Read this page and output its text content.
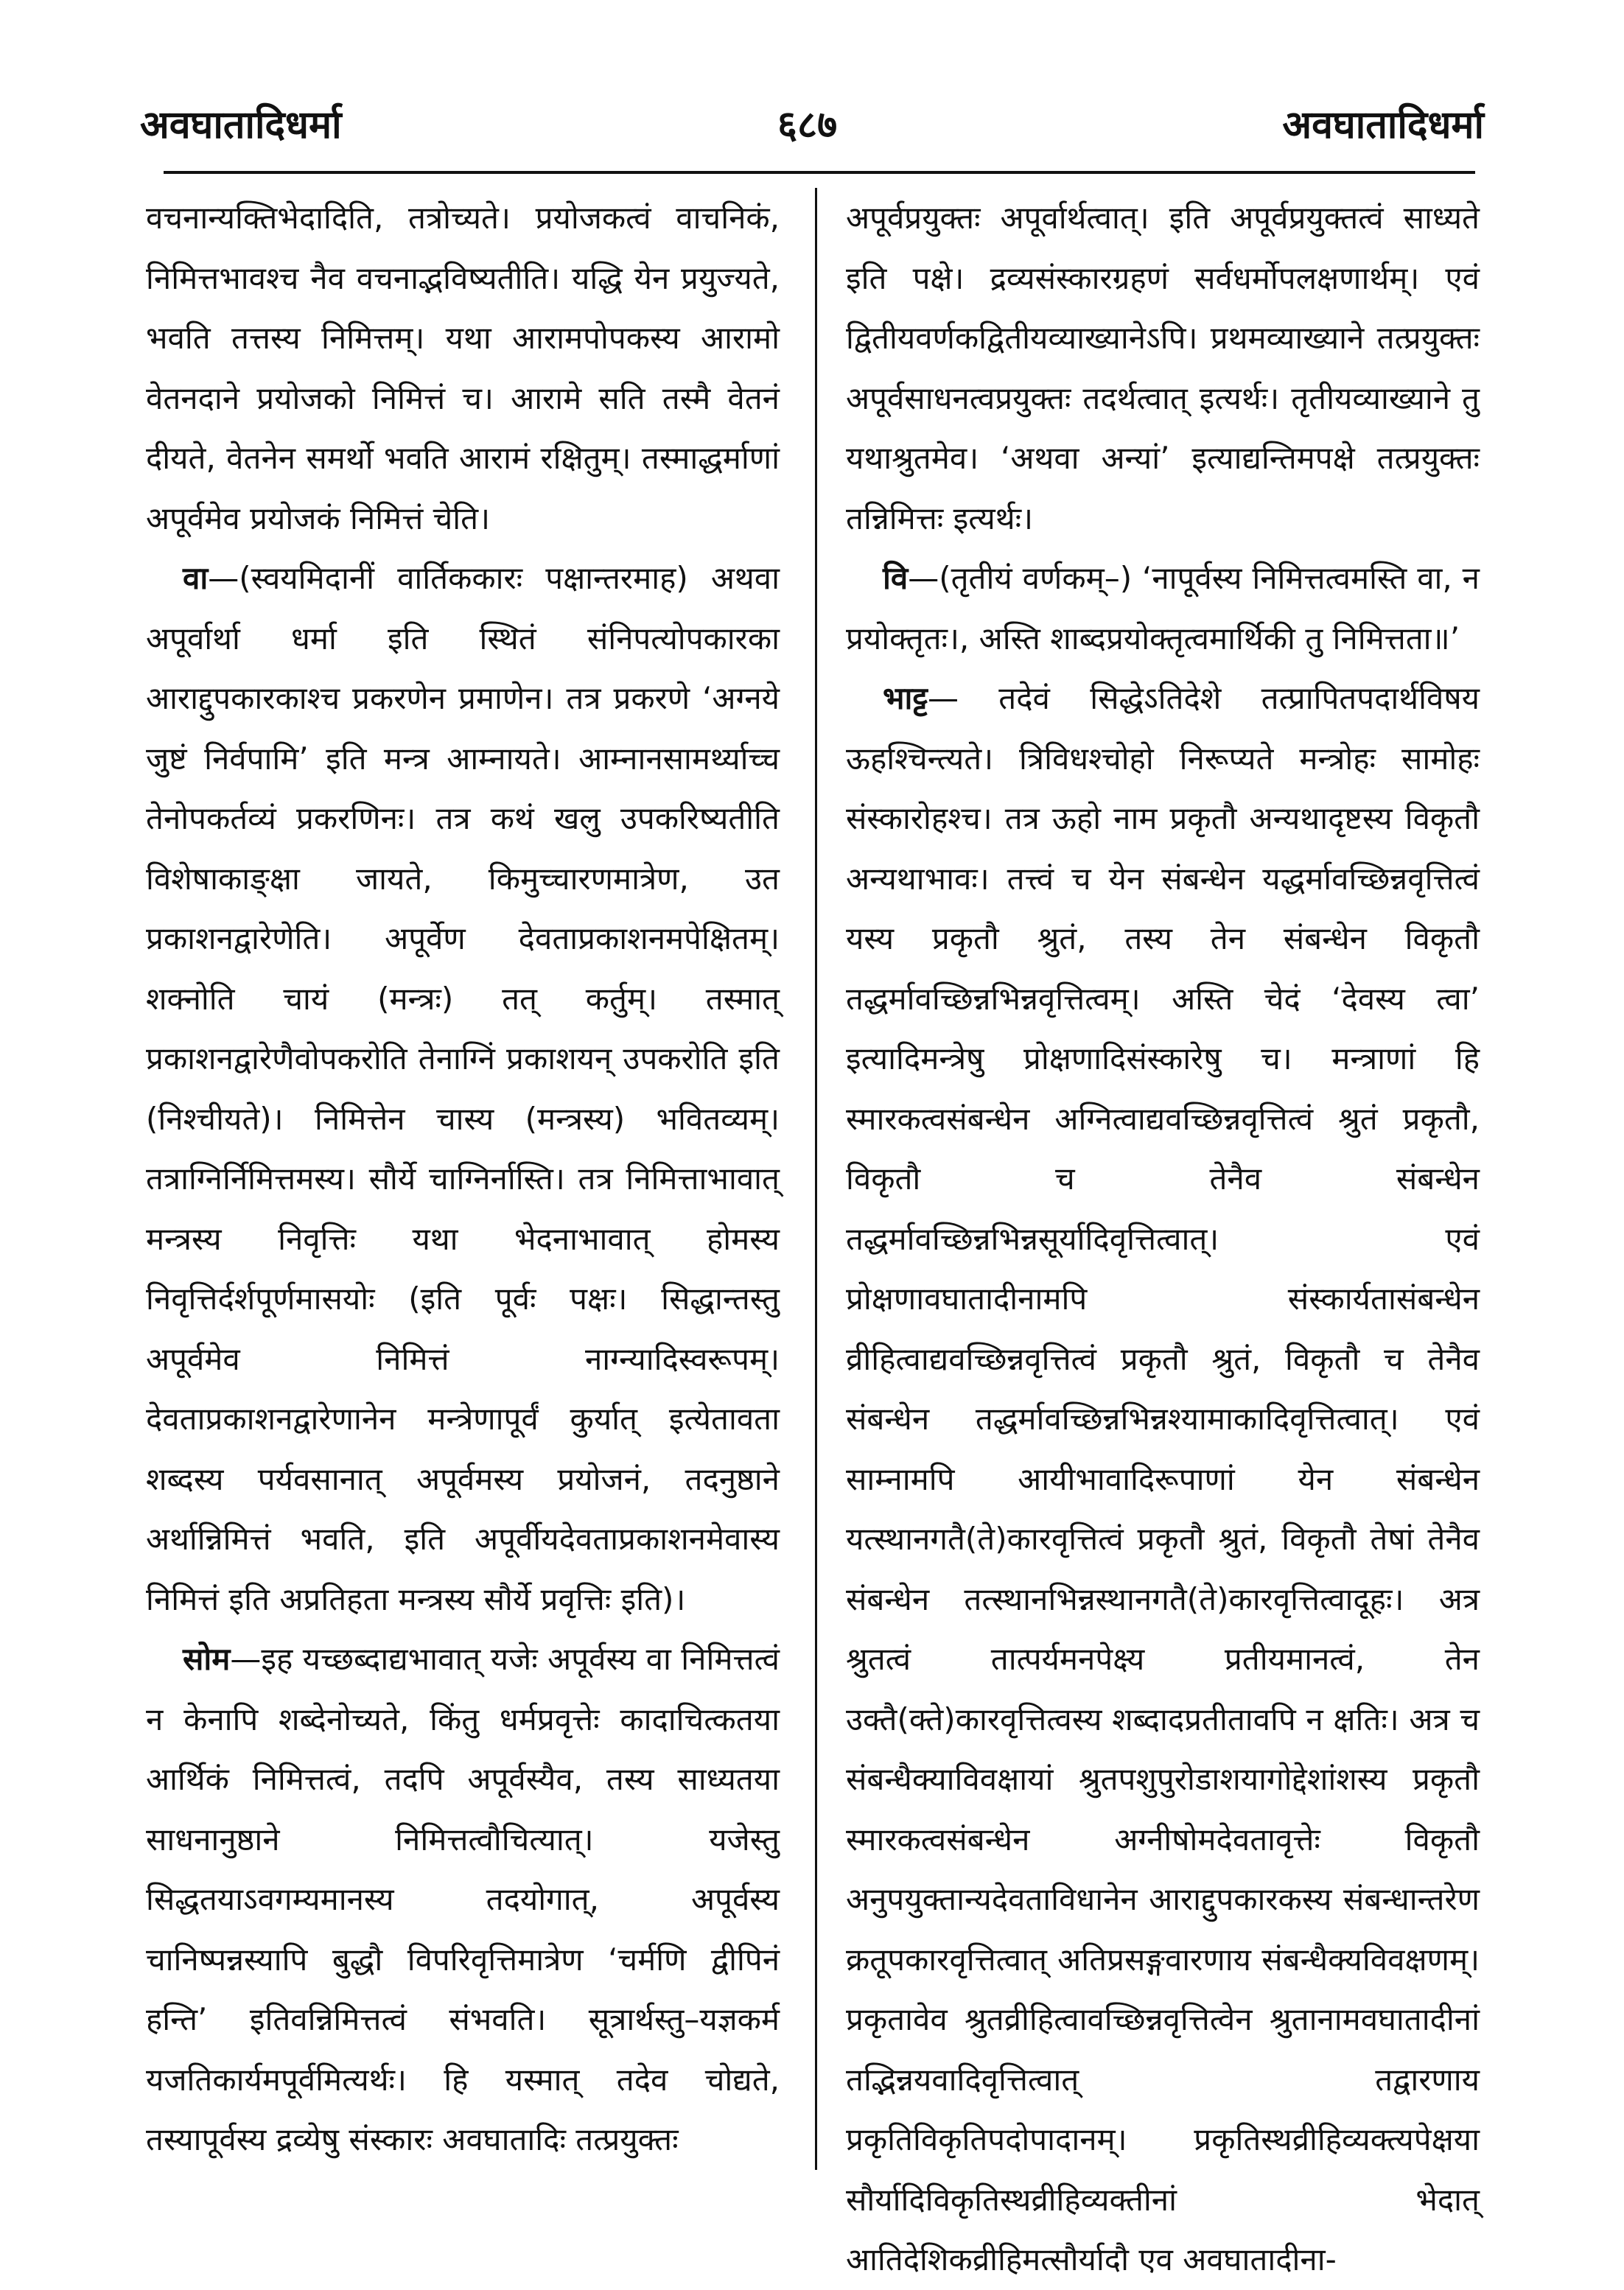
अवघातादिधर्मा	६८७	अवघातादिधर्मा

वचनान्यक्तिभेदादिति, तत्रोच्यते। प्रयोजकत्वं वाचनिकं, निमित्तभावश्च नैव वचनाद्भविष्यतीति। यद्धि येन प्रयुज्यते, भवति तत्तस्य निमित्तम्। यथा आरामपोपकस्य आरामो वेतनदाने प्रयोजको निमित्तं च। आरामे सति तस्मै वेतनं दीयते, वेतनेन समर्थो भवति आरामं रक्षितुम्। तस्माद्धर्माणां अपूर्वमेव प्रयोजकं निमित्तं चेति।

वा—(स्वयमिदानीं वार्तिककारः पक्षान्तरमाह) अथवा अपूर्वार्था धर्मा इति स्थितं संनिपत्योपकारका आराद्दुपकारकाश्च प्रकरणेन प्रमाणेन। तत्र प्रकरणे ‘अग्नये जुष्टं निर्वपामि’ इति मन्त्र आम्नायते। आम्नानसामर्थ्याच्च तेनोपकर्तव्यं प्रकरणिनः। तत्र कथं खलु उपकरिष्यतीति विशेषाकाङ्क्षा जायते, किमुच्चारणमात्रेण, उत प्रकाशनद्वारेणेति। अपूर्वेण देवताप्रकाशनमपेक्षितम्। शक्नोति चायं (मन्त्रः) तत् कर्तुम्। तस्मात् प्रकाशनद्वारेणैवोपकरोति तेनाग्निं प्रकाशयन् उपकरोति इति (निश्चीयते)। निमित्तेन चास्य (मन्त्रस्य) भवितव्यम्। तत्राग्निर्निमित्तमस्य। सौर्ये चाग्निर्नास्ति। तत्र निमित्ताभावात् मन्त्रस्य निवृत्तिः यथा भेदनाभावात् होमस्य निवृत्तिर्दर्शपूर्णमासयोः (इति पूर्वः पक्षः। सिद्धान्तस्तु अपूर्वमेव निमित्तं नाग्न्यादिस्वरूपम्। देवताप्रकाशनद्वारेणानेन मन्त्रेणापूर्वं कुर्यात् इत्येतावता शब्दस्य पर्यवसानात् अपूर्वमस्य प्रयोजनं, तदनुष्ठाने अर्थान्निमित्तं भवति, इति अपूर्वीयदेवताप्रकाशनमेवास्य निमित्तं इति अप्रतिहता मन्त्रस्य सौर्ये प्रवृत्तिः इति)।

सोम—इह यच्छब्दाद्यभावात् यजेः अपूर्वस्य वा निमित्तत्वं न केनापि शब्देनोच्यते, किंतु धर्मप्रवृत्तेः कादाचित्कतया आर्थिकं निमित्तत्वं, तदपि अपूर्वस्यैव, तस्य साध्यतया साधनानुष्ठाने निमित्तत्वौचित्यात्। यजेस्तु सिद्धतयाऽवगम्यमानस्य तदयोगात्, अपूर्वस्य चानिष्पन्नस्यापि बुद्धौ विपरिवृत्तिमात्रेण ‘चर्मणि द्वीपिनं हन्ति’ इतिवन्निमित्तत्वं संभवति। सूत्रार्थस्तु–यज्ञकर्म यजतिकार्यमपूर्वमित्यर्थः। हि यस्मात् तदेव चोद्यते, तस्यापूर्वस्य द्रव्येषु संस्कारः अवघातादिः तत्प्रयुक्तः

अपूर्वप्रयुक्तः अपूर्वार्थत्वात्। इति अपूर्वप्रयुक्तत्वं साध्यते इति पक्षे। द्रव्यसंस्कारग्रहणं सर्वधर्मोपलक्षणार्थम्। एवं द्वितीयवर्णकद्वितीयव्याख्यानेऽपि। प्रथमव्याख्याने तत्प्रयुक्तः अपूर्वसाधनत्वप्रयुक्तः तदर्थत्वात् इत्यर्थः। तृतीयव्याख्याने तु यथाश्रुतमेव। ‘अथवा अन्यां’ इत्याद्यन्तिमपक्षे तत्प्रयुक्तः तन्निमित्तः इत्यर्थः।

वि—(तृतीयं वर्णकम्–) ‘नापूर्वस्य निमित्तत्वमस्ति वा, न प्रयोक्तृतः।, अस्ति शाब्दप्रयोक्तृत्वमार्थिकी तु निमित्तता॥’

भाट्ट— तदेवं सिद्धेऽतिदेशे तत्प्रापितपदार्थविषय ऊहश्चिन्त्यते। त्रिविधश्चोहो निरूप्यते मन्त्रोहः सामोहः संस्कारोहश्च। तत्र ऊहो नाम प्रकृतौ अन्यथादृष्टस्य विकृतौ अन्यथाभावः। तत्त्वं च येन संबन्धेन यद्धर्मावच्छिन्नवृत्तित्वं यस्य प्रकृतौ श्रुतं, तस्य तेन संबन्धेन विकृतौ तद्धर्मावच्छिन्नभिन्नवृत्तित्वम्। अस्ति चेदं ‘देवस्य त्वा’ इत्यादिमन्त्रेषु प्रोक्षणादिसंस्कारेषु च। मन्त्राणां हि स्मारकत्वसंबन्धेन अग्नित्वाद्यवच्छिन्नवृत्तित्वं श्रुतं प्रकृतौ, विकृतौ च तेनैव संबन्धेन तद्धर्मावच्छिन्नभिन्नसूर्यादिवृत्तित्वात्। एवं प्रोक्षणावघातादीनामपि संस्कार्यतासंबन्धेन व्रीहित्वाद्यवच्छिन्नवृत्तित्वं प्रकृतौ श्रुतं, विकृतौ च तेनैव संबन्धेन तद्धर्मावच्छिन्नभिन्नश्यामाकादिवृत्तित्वात्। एवं साम्नामपि आयीभावादिरूपाणां येन संबन्धेन यत्स्थानगतै(ते)कारवृत्तित्वं प्रकृतौ श्रुतं, विकृतौ तेषां तेनैव संबन्धेन तत्स्थानभिन्नस्थानगतै(ते)कारवृत्तित्वादूहः। अत्र श्रुतत्वं तात्पर्यमनपेक्ष्य प्रतीयमानत्वं, तेन उक्तै(क्ते)कारवृत्तित्वस्य शब्दादप्रतीतावपि न क्षतिः। अत्र च संबन्धैक्याविवक्षायां श्रुतपशुपुरोडाशयागोद्देशांशस्य प्रकृतौ स्मारकत्वसंबन्धेन अग्नीषोमदेवतावृत्तेः विकृतौ अनुपयुक्तान्यदेवताविधानेन आराद्दुपकारकस्य संबन्धान्तरेण क्रतूपकारवृत्तित्वात् अतिप्रसङ्गवारणाय संबन्धैक्यविवक्षणम्। प्रकृतावेव श्रुतव्रीहित्वावच्छिन्नवृत्तित्वेन श्रुतानामवघातादीनां तद्भिन्नयवादिवृत्तित्वात् तद्वारणाय प्रकृतिविकृतिपदोपादानम्। प्रकृतिस्थव्रीहिव्यक्त्यपेक्षया सौर्यादिविकृतिस्थव्रीहिव्यक्तीनां भेदात् आतिदेशिकव्रीहिमत्सौर्यादौ एव अवघातादीना-
